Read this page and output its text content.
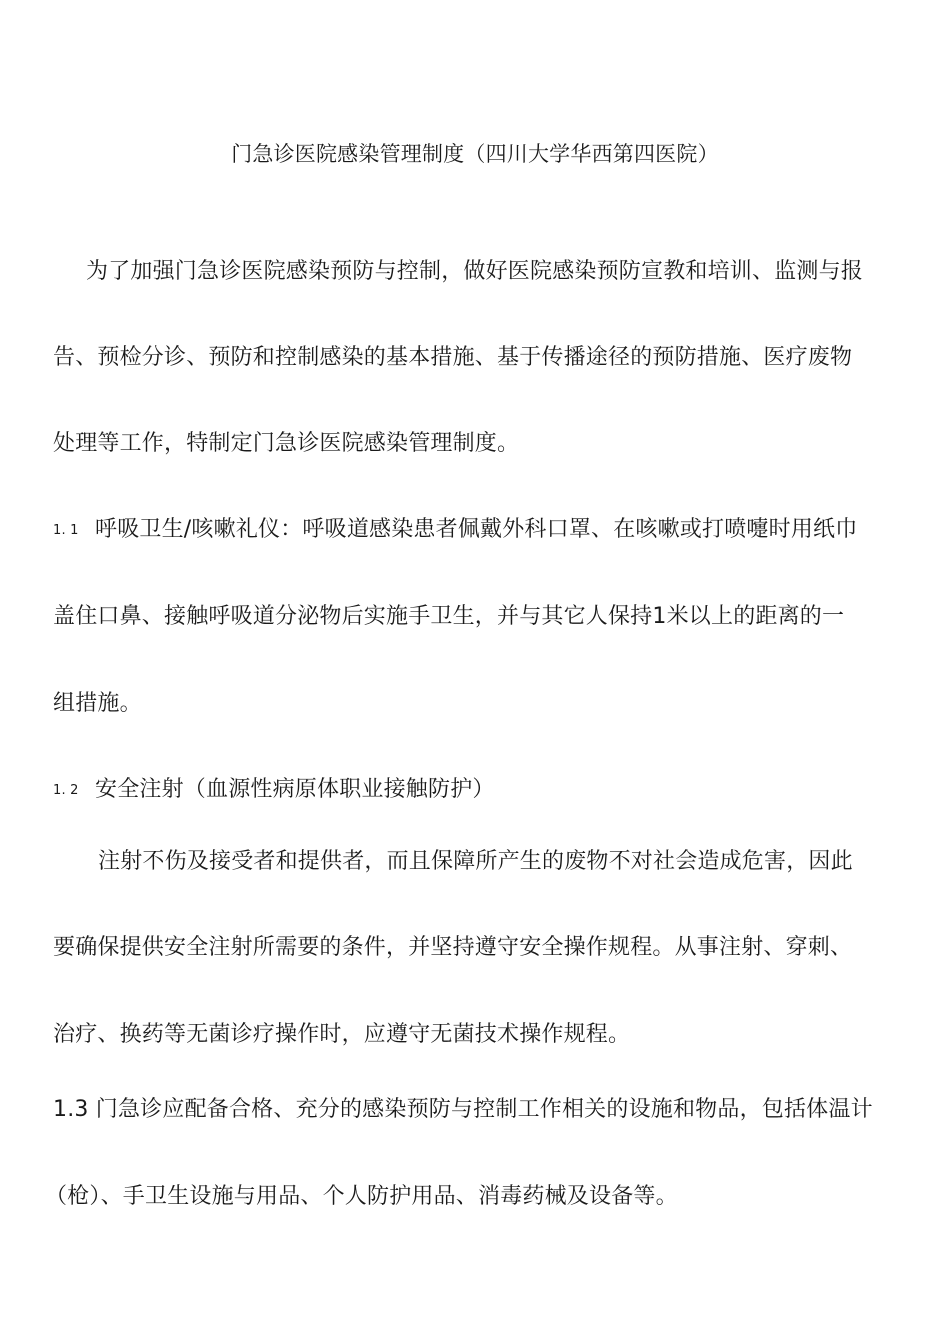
门急诊医院感染管理制度（四川大学华西第四医院）
为了加强门急诊医院感染预防与控制，做好医院感染预防宣教和培训、监测与报
告、预检分诊、预防和控制感染的基本措施、基于传播途径的预防措施、医疗废物
处理等工作，特制定门急诊医院感染管理制度。
1. 1 呼吸卫生/咳嗽礼仪：呼吸道感染患者佩戴外科口罩、在咳嗽或打喷嚏时用纸巾
盖住口鼻、接触呼吸道分泌物后实施手卫生，并与其它人保持1米以上的距离的一
组措施。
1. 2 安全注射（血源性病原体职业接触防护）
注射不伤及接受者和提供者，而且保障所产生的废物不对社会造成危害，因此
要确保提供安全注射所需要的条件，并坚持遵守安全操作规程。从事注射、穿刺、
治疗、换药等无菌诊疗操作时，应遵守无菌技术操作规程。
1.3 门急诊应配备合格、充分的感染预防与控制工作相关的设施和物品，包括体温计
（枪）、手卫生设施与用品、个人防护用品、消毒药械及设备等。
